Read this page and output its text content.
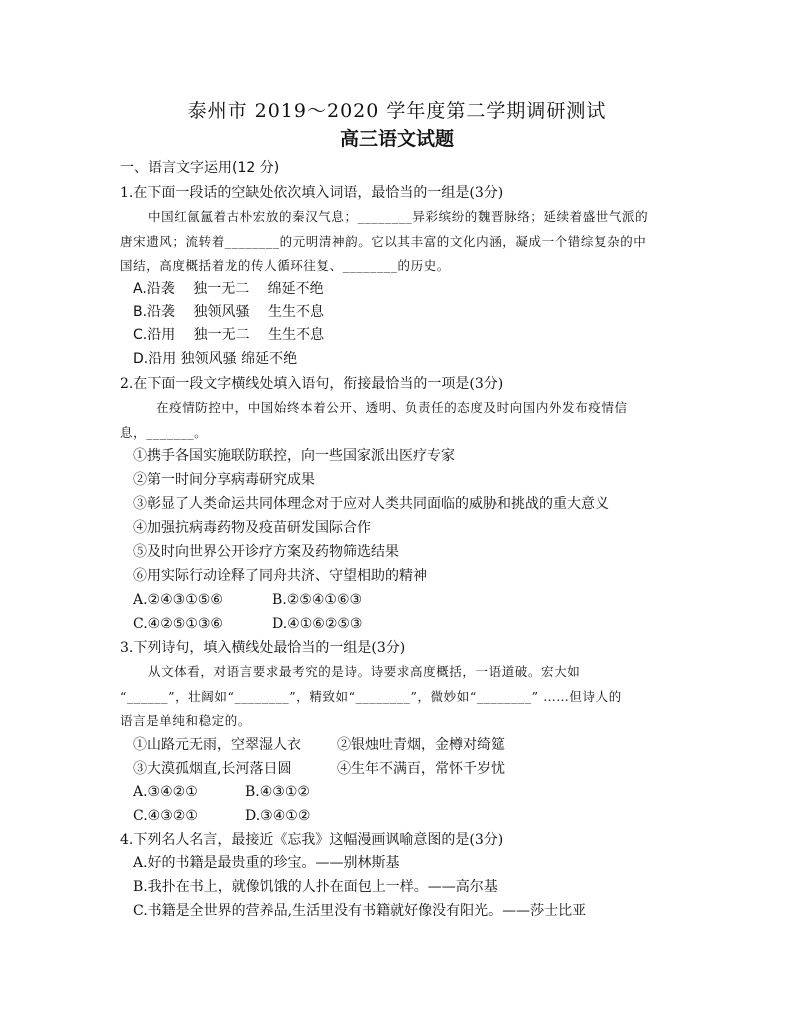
泰州市 2019～2020 学年度第二学期调研测试
高三语文试题
一、语言文字运用(12 分)
1.在下面一段话的空缺处依次填入词语，最恰当的一组是(3分)
中国红氤氲着古朴宏放的秦汉气息；________异彩缤纷的魏晋脉络；延续着盛世气派的
唐宋遗风；流转着________的元明清神韵。它以其丰富的文化内涵，凝成一个错综复杂的中
国结，高度概括着龙的传人循环往复、________的历史。
A.沿袭　 独一无二　 绵延不绝
B.沿袭　 独领风骚　 生生不息
C.沿用　 独一无二　 生生不息
D.沿用 独领风骚 绵延不绝
2.在下面一段文字横线处填入语句，衔接最恰当的一项是(3分)
在疫情防控中，中国始终本着公开、透明、负责任的态度及时向国内外发布疫情信
息，_______。
①携手各国实施联防联控，向一些国家派出医疗专家
②第一时间分享病毒研究成果
③彰显了人类命运共同体理念对于应对人类共同面临的威胁和挑战的重大意义
④加强抗病毒药物及疫苗研发国际合作
⑤及时向世界公开诊疗方案及药物筛选结果
⑥用实际行动诠释了同舟共济、守望相助的精神
A.②④③①⑤⑥	B.②⑤④①⑥③
C.④②⑤①③⑥	D.④①⑥②⑤③
3.下列诗句，填入横线处最恰当的一组是(3分)
从文体看，对语言要求最考究的是诗。诗要求高度概括，一语道破。宏大如
“______”，壮阔如“________”，精致如“________”，微妙如“________” ……但诗人的
语言是单纯和稳定的。
①山路元无雨，空翠湿人衣	②银烛吐青烟，金樽对绮筵
③大漠孤烟直,长河落日圆	④生年不满百，常怀千岁忧
A.③④②①	B.④③①②
C.④③②①	D.③④①②
4.下列名人名言，最接近《忘我》这幅漫画讽喻意图的是(3分)
A.好的书籍是最贵重的珍宝。——别林斯基
B.我扑在书上，就像饥饿的人扑在面包上一样。——高尔基
C.书籍是全世界的营养品,生活里没有书籍就好像没有阳光。——莎士比亚
